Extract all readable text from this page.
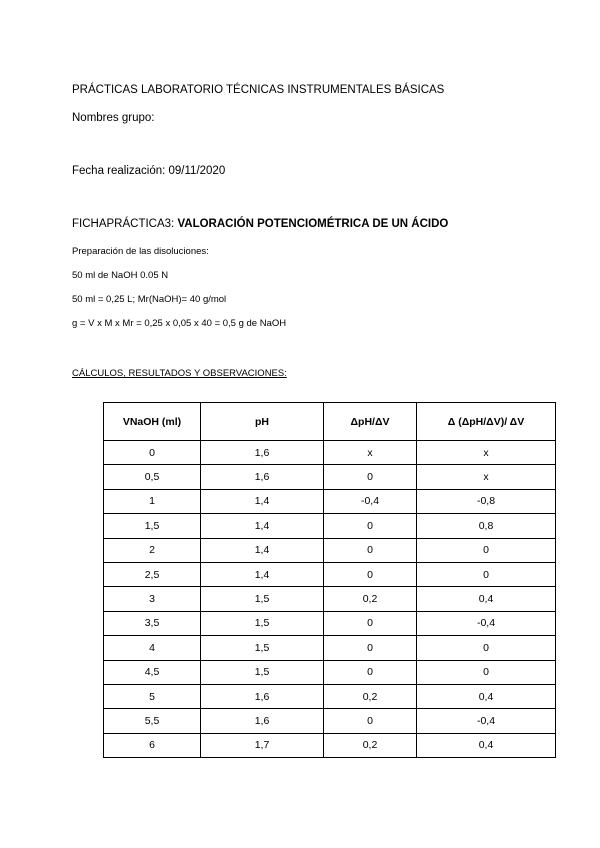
PRÁCTICAS LABORATORIO TÉCNICAS INSTRUMENTALES BÁSICAS
Nombres grupo:
Fecha realización: 09/11/2020
FICHAPRÁCTICA3: VALORACIÓN POTENCIOMÉTRICA DE UN ÁCIDO
Preparación de las disoluciones:
50 ml de NaOH 0.05 N
50 ml = 0,25 L; Mr(NaOH)= 40 g/mol
g = V x M x Mr = 0,25 x 0,05 x 40 = 0,5 g de NaOH
CÁLCULOS, RESULTADOS Y OBSERVACIONES:
VNaOH (ml)	pH	ΔpH/ΔV	Δ (ΔpH/ΔV)/ ΔV
0	1,6	x	x
0,5	1,6	0	x
1	1,4	-0,4	-0,8
1,5	1,4	0	0,8
2	1,4	0	0
2,5	1,4	0	0
3	1,5	0,2	0,4
3,5	1,5	0	-0,4
4	1,5	0	0
4,5	1,5	0	0
5	1,6	0,2	0,4
5,5	1,6	0	-0,4
6	1,7	0,2	0,4
